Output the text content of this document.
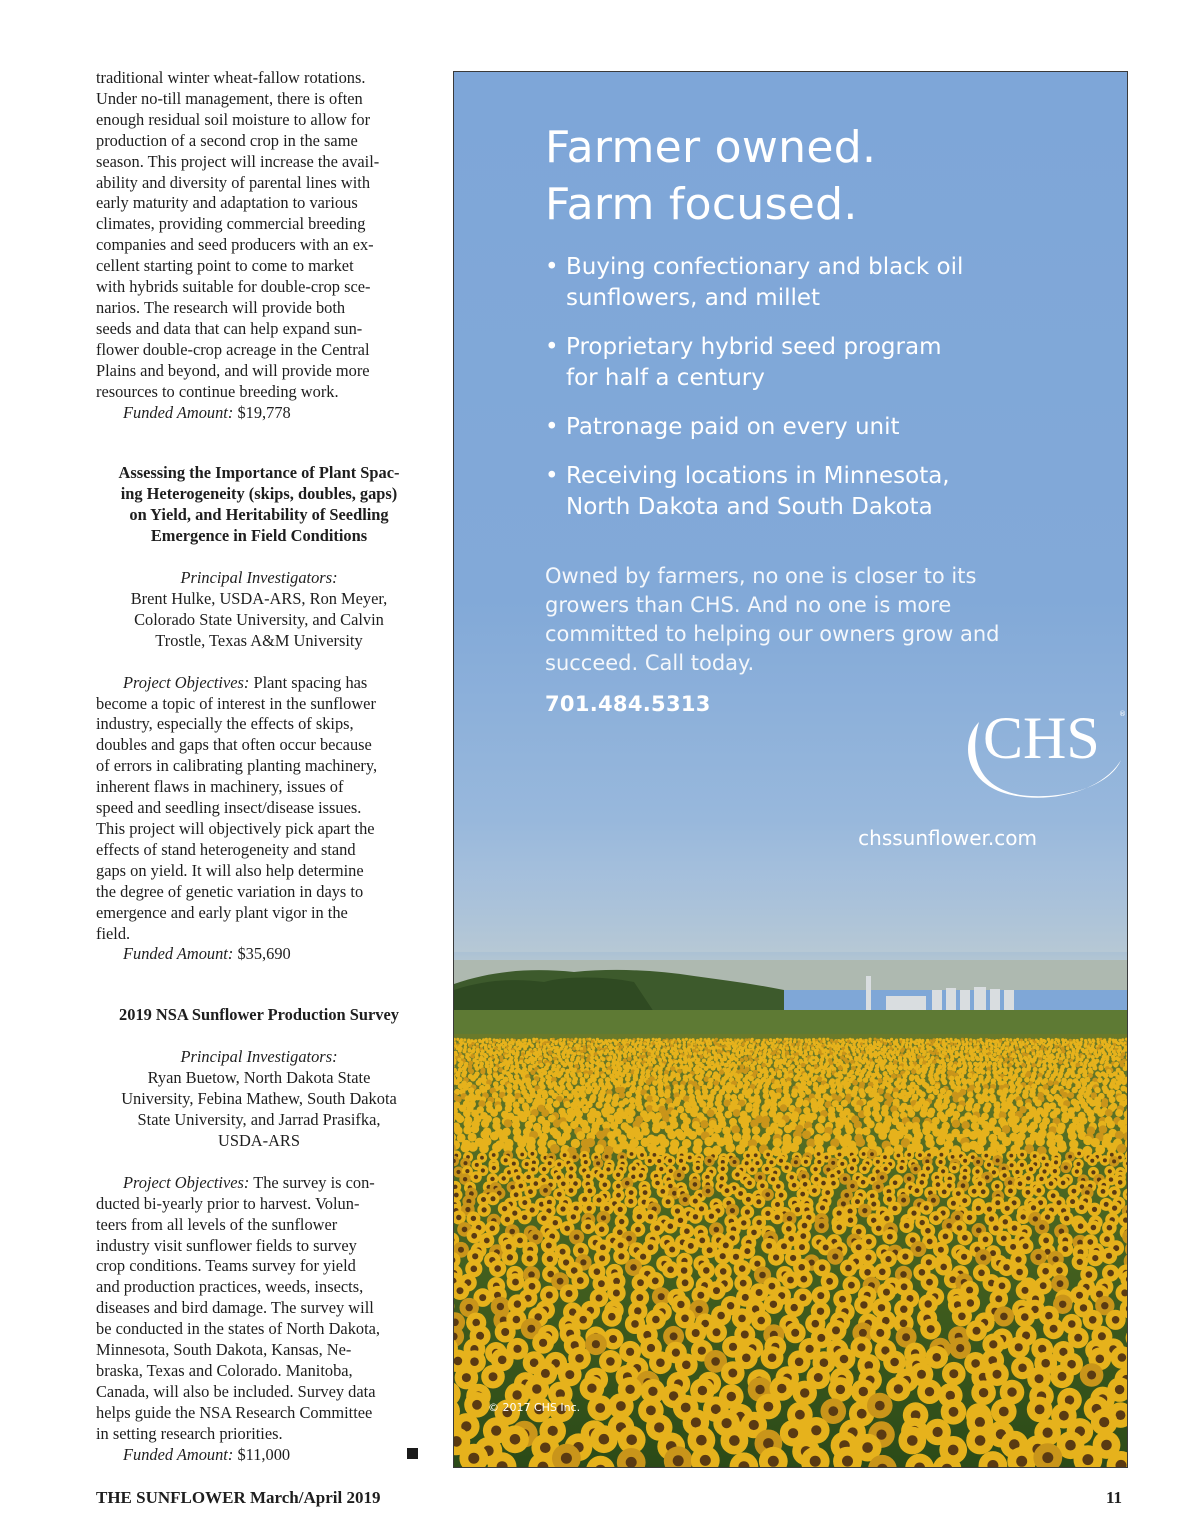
traditional winter wheat-fallow rotations.

Under no-till management, there is often

enough residual soil moisture to allow for

production of a second crop in the same

season. This project will increase the avail-

ability and diversity of parental lines with

early maturity and adaptation to various

climates, providing commercial breeding

companies and seed producers with an ex-

cellent starting point to come to market

with hybrids suitable for double-crop sce-

narios. The research will provide both

seeds and data that can help expand sun-

flower double-crop acreage in the Central

Plains and beyond, and will provide more

resources to continue breeding work.

Funded Amount: $19,778

Assessing the Importance of Plant Spac-

ing Heterogeneity (skips, doubles, gaps)

on Yield, and Heritability of Seedling

Emergence in Field Conditions

Principal Investigators:

Brent Hulke, USDA-ARS, Ron Meyer,

Colorado State University, and Calvin

Trostle, Texas A&M University

Project Objectives: Plant spacing has

become a topic of interest in the sunflower

industry, especially the effects of skips,

doubles and gaps that often occur because

of errors in calibrating planting machinery,

inherent flaws in machinery, issues of

speed and seedling insect/disease issues.

This project will objectively pick apart the

effects of stand heterogeneity and stand

gaps on yield. It will also help determine

the degree of genetic variation in days to

emergence and early plant vigor in the

field.

Funded Amount: $35,690

2019 NSA Sunflower Production Survey

Principal Investigators:

Ryan Buetow, North Dakota State

University, Febina Mathew, South Dakota

State University, and Jarrad Prasifka,

USDA-ARS

Project Objectives: The survey is con-

ducted bi-yearly prior to harvest. Volun-

teers from all levels of the sunflower

industry visit sunflower fields to survey

crop conditions. Teams survey for yield

and production practices, weeds, insects,

diseases and bird damage. The survey will

be conducted in the states of North Dakota,

Minnesota, South Dakota, Kansas, Ne-

braska, Texas and Colorado. Manitoba,

Canada, will also be included. Survey data

helps guide the NSA Research Committee

in setting research priorities.

Funded Amount: $11,000

Farmer owned.
Farm focused.

• Buying confectionary and black oil
sunflowers, and millet
• Proprietary hybrid seed program
for half a century
• Patronage paid on every unit
• Receiving locations in Minnesota,
North Dakota and South Dakota

Owned by farmers, no one is closer to its
growers than CHS. And no one is more
committed to helping our owners grow and
succeed. Call today.

701.484.5313

CHS	®

chssunflower.com

© 2017 CHS Inc.
THE SUNFLOWER March/April 2019	11
